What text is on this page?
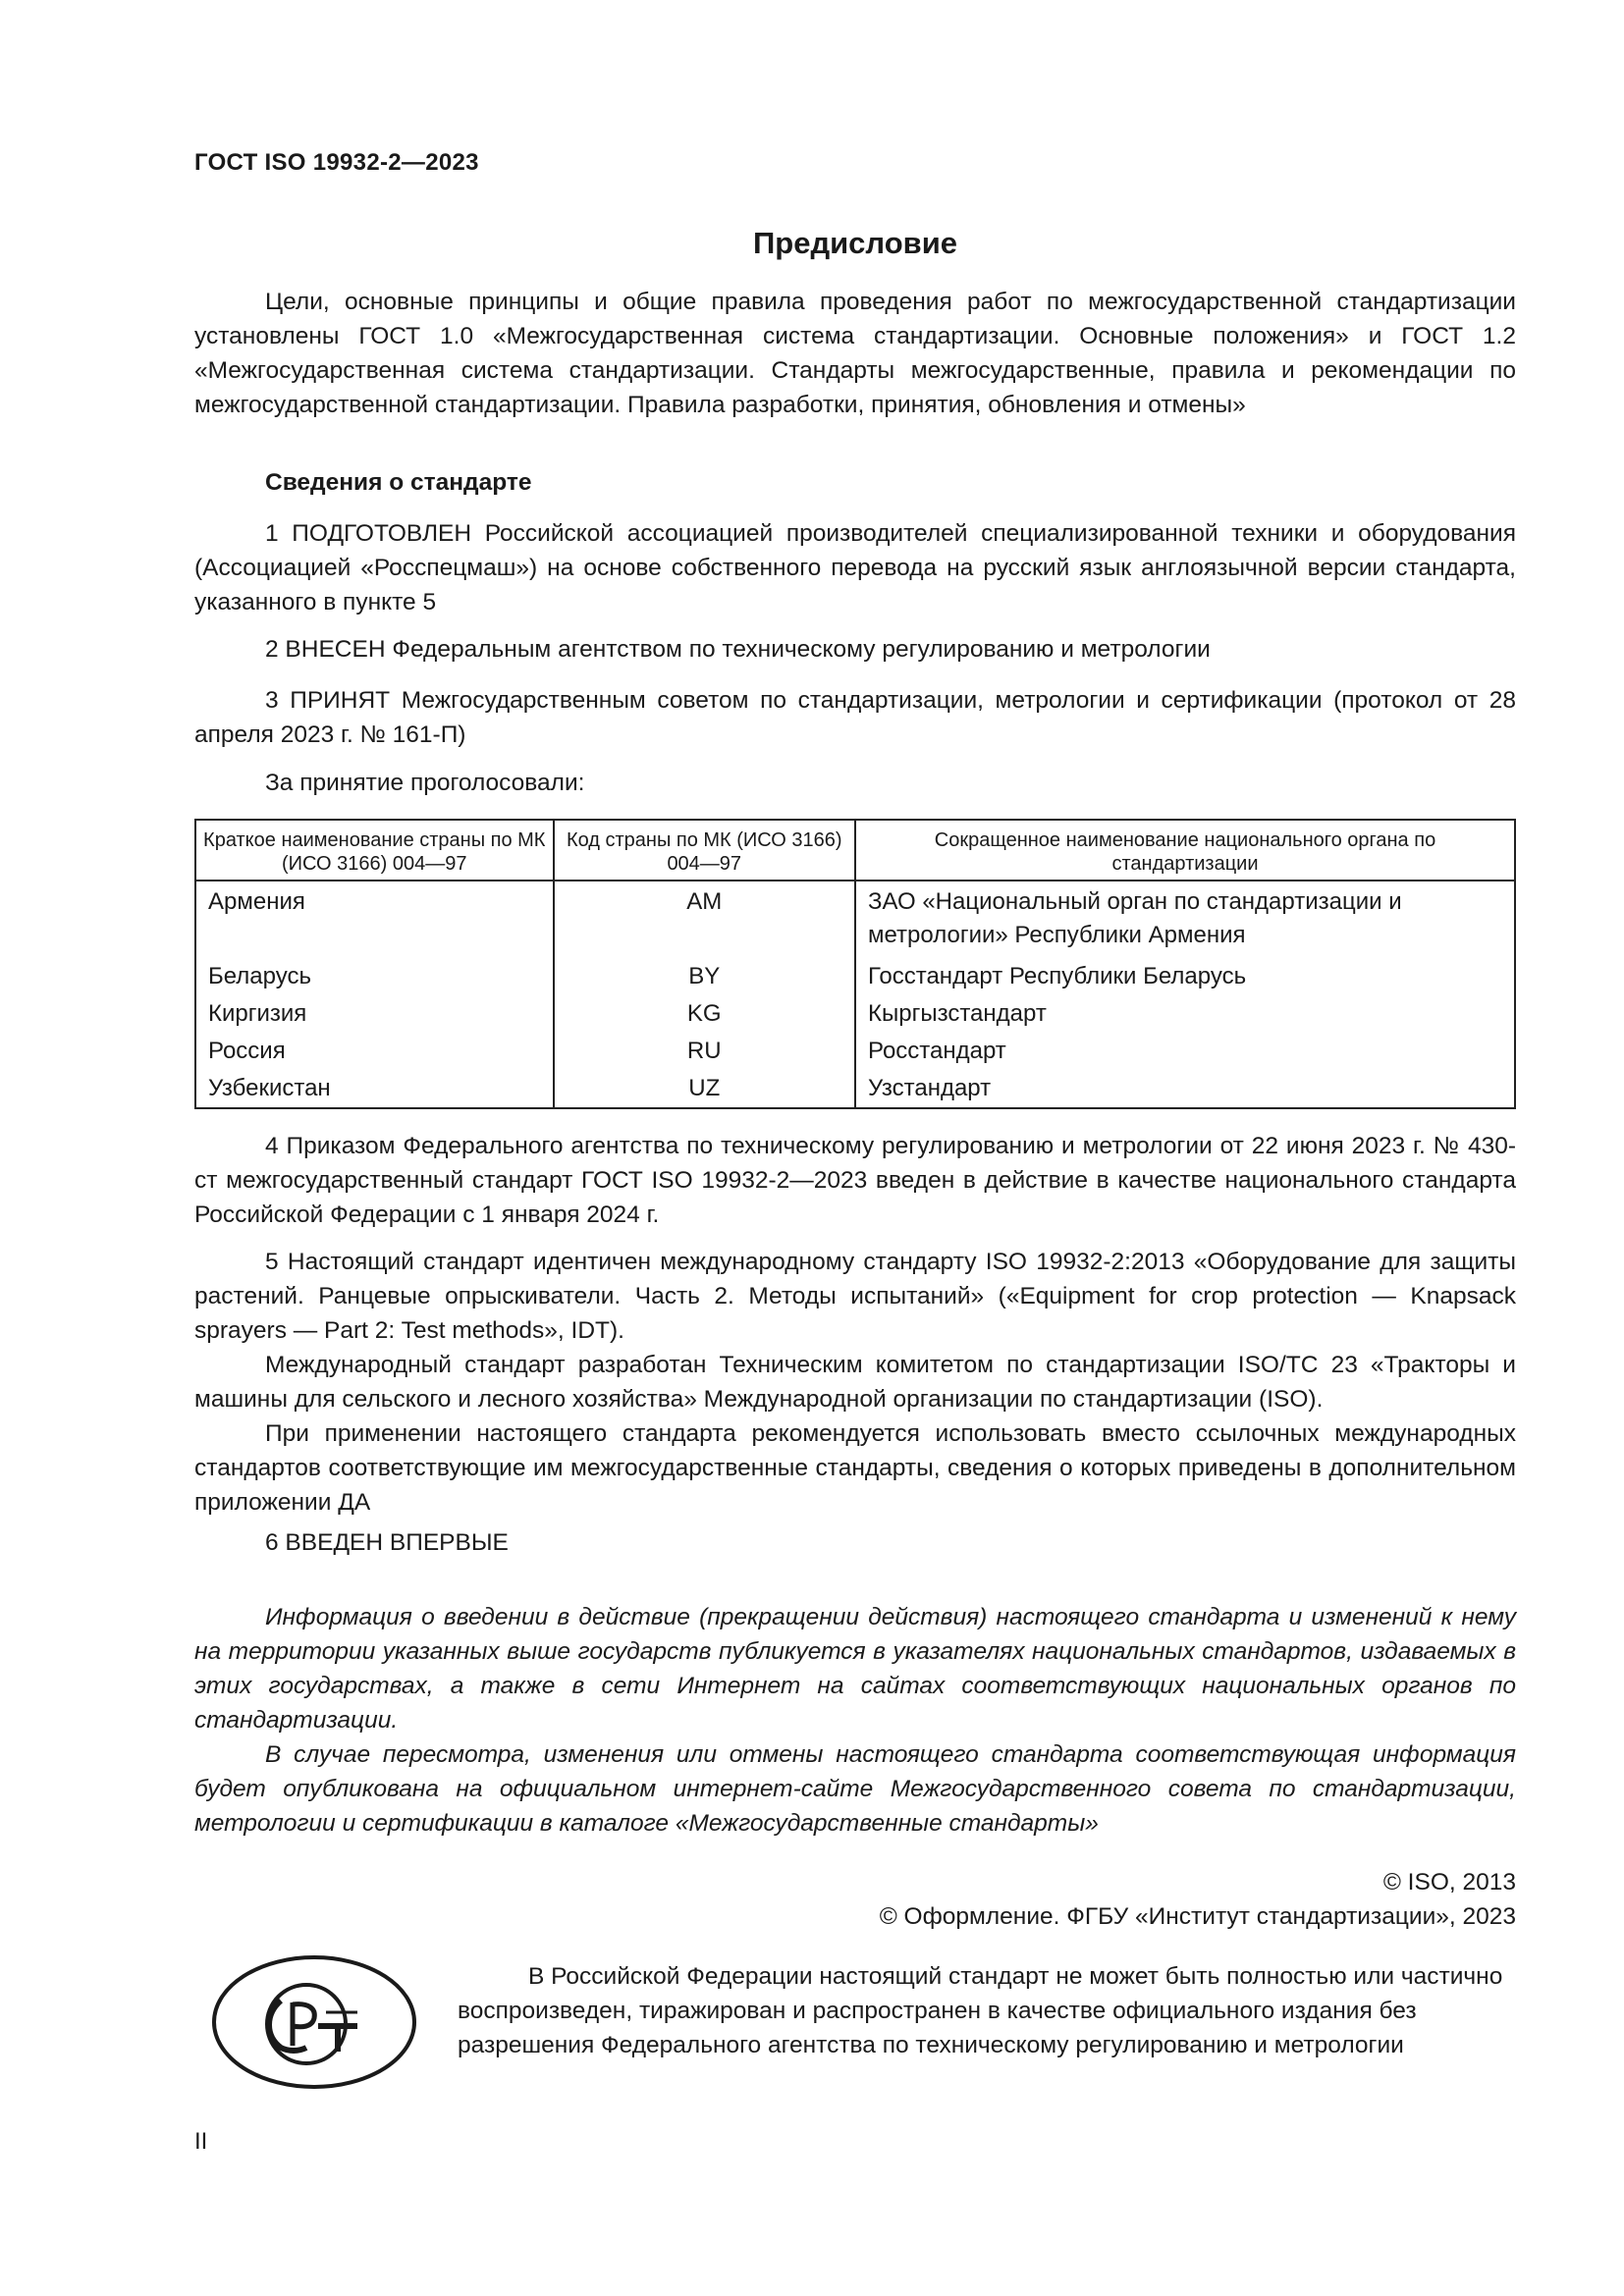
ГОСТ ISO 19932-2—2023
Предисловие

Цели, основные принципы и общие правила проведения работ по межгосударственной стандартизации установлены ГОСТ 1.0 «Межгосударственная система стандартизации. Основные положения» и ГОСТ 1.2 «Межгосударственная система стандартизации. Стандарты межгосударственные, правила и рекомендации по межгосударственной стандартизации. Правила разработки, принятия, обновления и отмены»

Сведения о стандарте

1 ПОДГОТОВЛЕН Российской ассоциацией производителей специализированной техники и оборудования (Ассоциацией «Росспецмаш») на основе собственного перевода на русский язык англоязычной версии стандарта, указанного в пункте 5

2 ВНЕСЕН Федеральным агентством по техническому регулированию и метрологии

3 ПРИНЯТ Межгосударственным советом по стандартизации, метрологии и сертификации (протокол от 28 апреля 2023 г. № 161-П)

За принятие проголосовали:

Краткое наименование страны по МК (ИСО 3166) 004—97	Код страны по МК (ИСО 3166) 004—97	Сокращенное наименование национального органа по стандартизации
Армения	AM	ЗАО «Национальный орган по стандартизации и метрологии» Республики Армения
Беларусь	BY	Госстандарт Республики Беларусь
Киргизия	KG	Кыргызстандарт
Россия	RU	Росстандарт
Узбекистан	UZ	Узстандарт

4 Приказом Федерального агентства по техническому регулированию и метрологии от 22 июня 2023 г. № 430-ст межгосударственный стандарт ГОСТ ISO 19932-2—2023 введен в действие в качестве национального стандарта Российской Федерации с 1 января 2024 г.

5 Настоящий стандарт идентичен международному стандарту ISO 19932-2:2013 «Оборудование для защиты растений. Ранцевые опрыскиватели. Часть 2. Методы испытаний» («Equipment for crop protection — Knapsack sprayers — Part 2: Test methods», IDT).

Международный стандарт разработан Техническим комитетом по стандартизации ISO/TC 23 «Тракторы и машины для сельского и лесного хозяйства» Международной организации по стандартизации (ISO).

При применении настоящего стандарта рекомендуется использовать вместо ссылочных международных стандартов соответствующие им межгосударственные стандарты, сведения о которых приведены в дополнительном приложении ДА

6 ВВЕДЕН ВПЕРВЫЕ

Информация о введении в действие (прекращении действия) настоящего стандарта и изменений к нему на территории указанных выше государств публикуется в указателях национальных стандартов, издаваемых в этих государствах, а также в сети Интернет на сайтах соответствующих национальных органов по стандартизации.

В случае пересмотра, изменения или отмены настоящего стандарта соответствующая информация будет опубликована на официальном интернет-сайте Межгосударственного совета по стандартизации, метрологии и сертификации в каталоге «Межгосударственные стандарты»

© ISO, 2013
© Оформление. ФГБУ «Институт стандартизации», 2023

В Российской Федерации настоящий стандарт не может быть полностью или частично воспроизведен, тиражирован и распространен в качестве официального издания без разрешения Федерального агентства по техническому регулированию и метрологии

II
